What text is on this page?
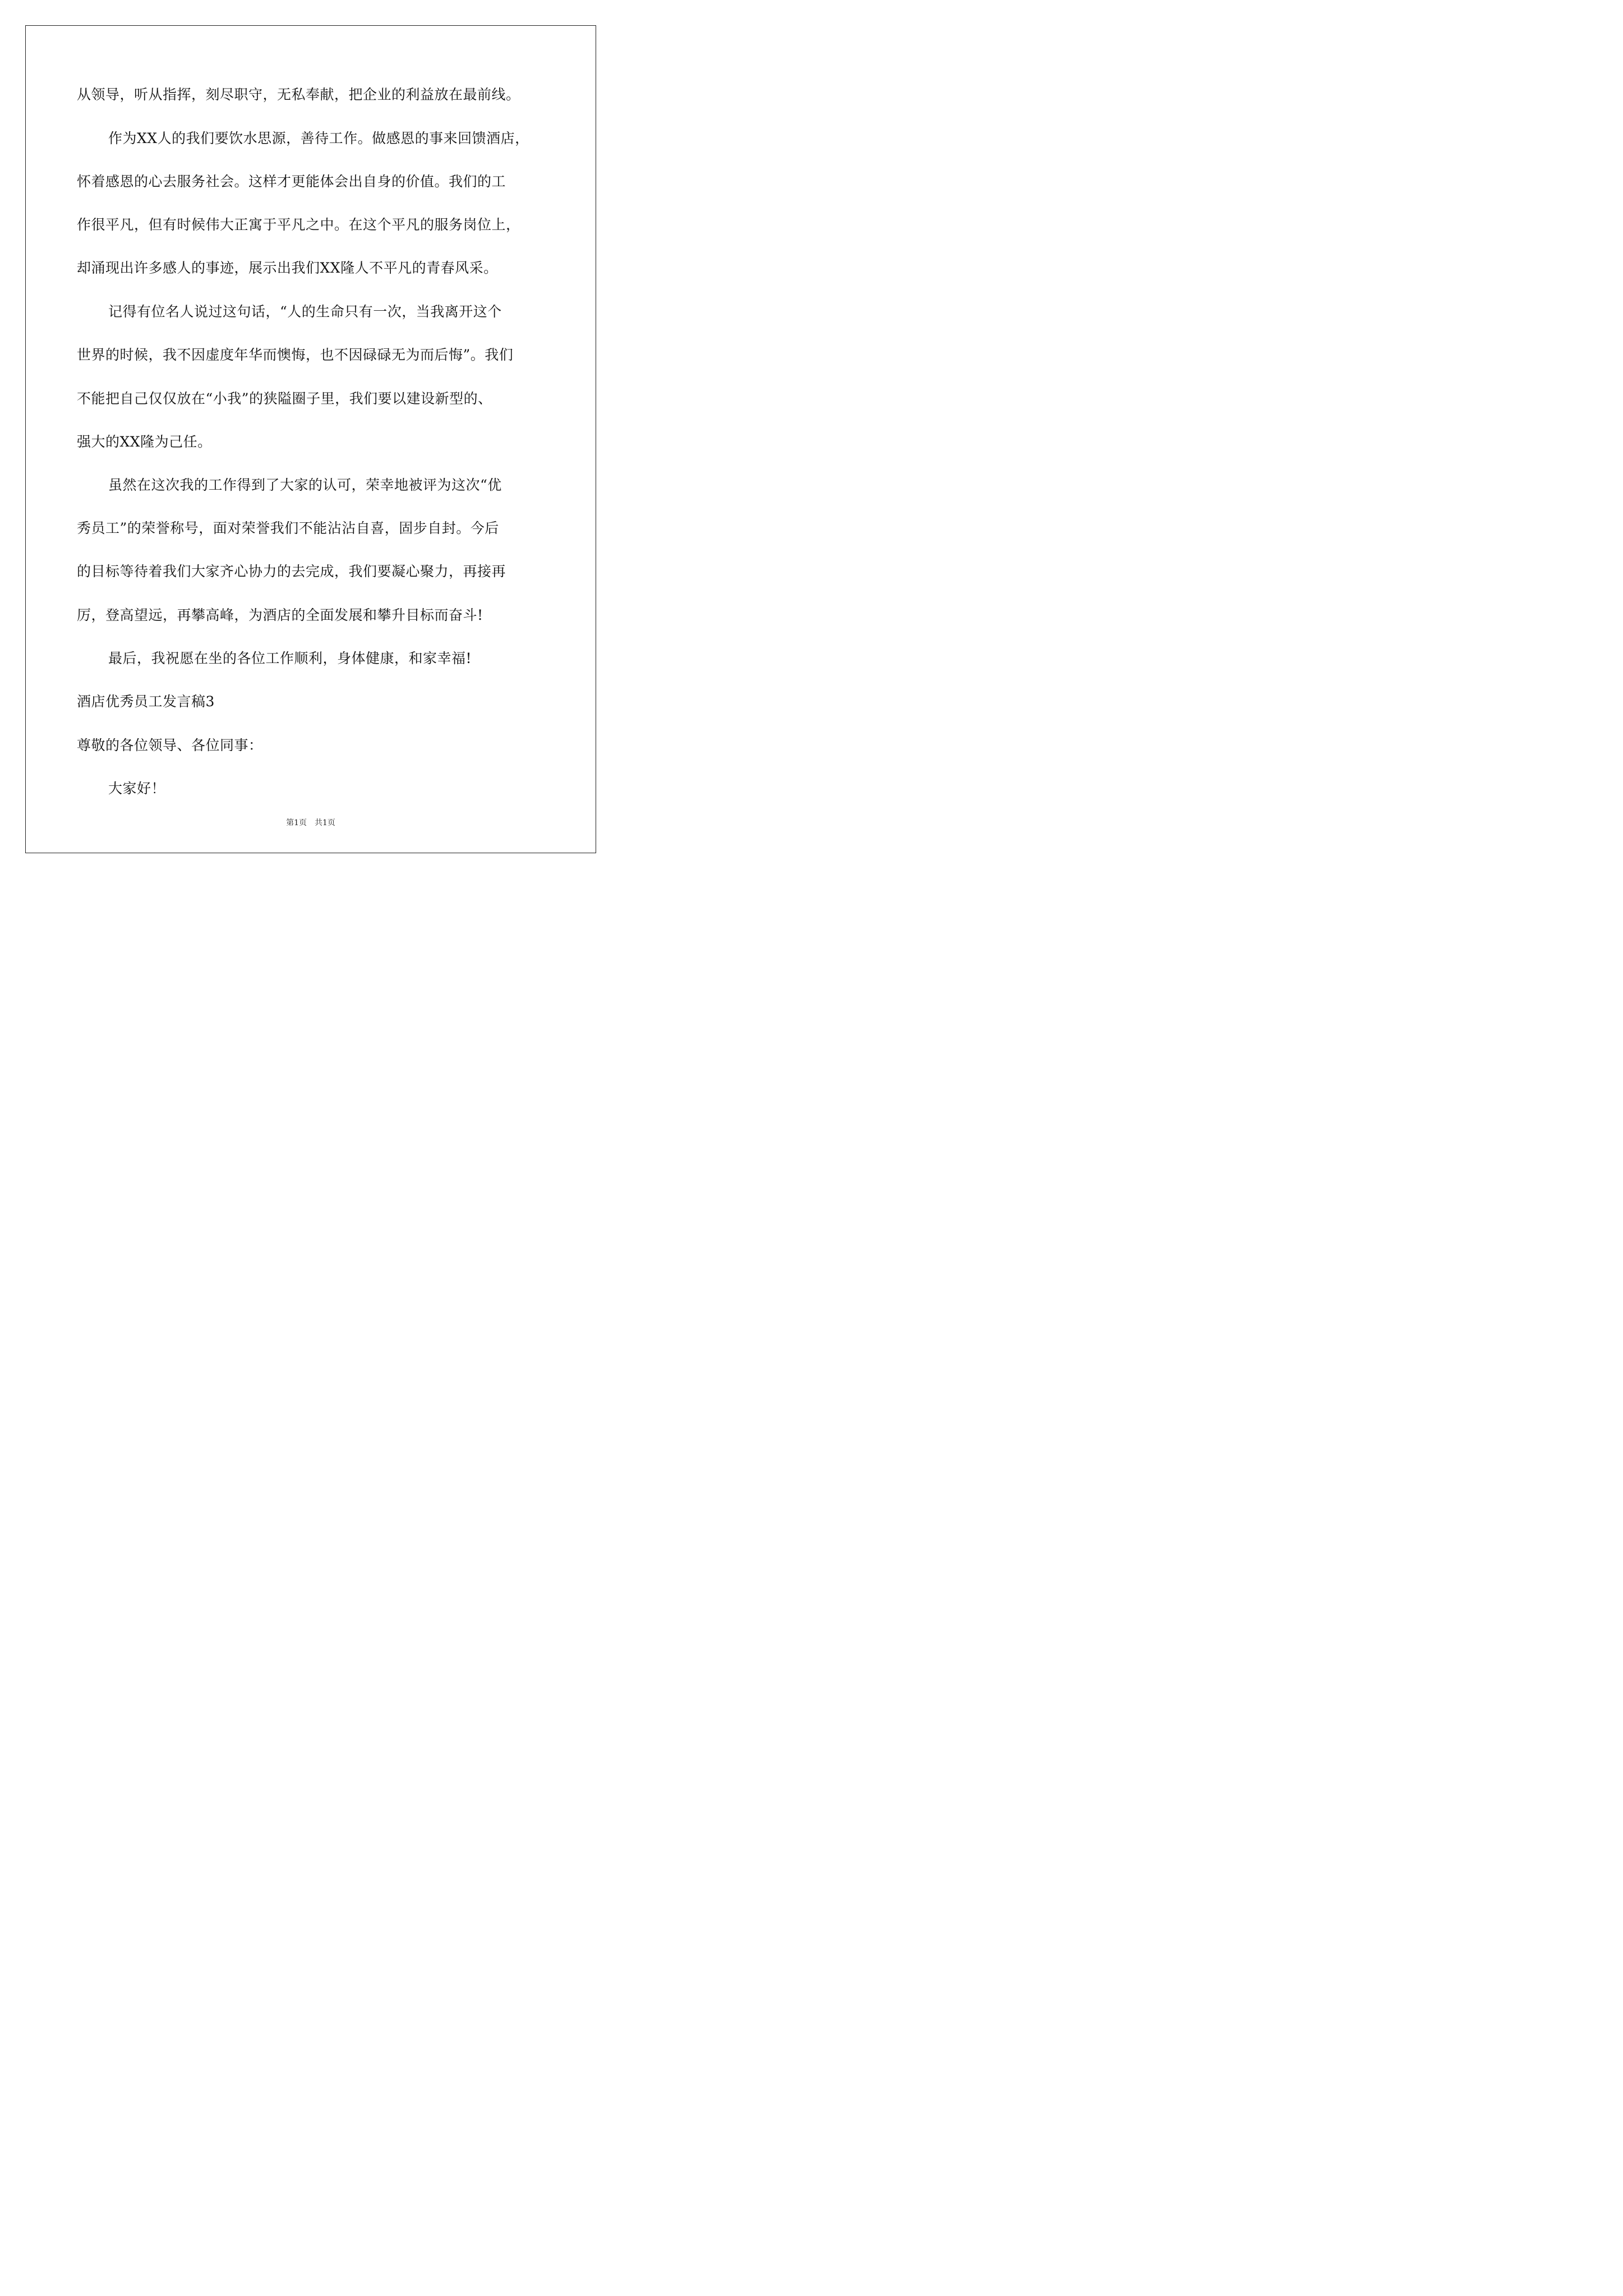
从领导，听从指挥，刻尽职守，无私奉献，把企业的利益放在最前线。
作为XX人的我们要饮水思源，善待工作。做感恩的事来回馈酒店，
怀着感恩的心去服务社会。这样才更能体会出自身的价值。我们的工
作很平凡，但有时候伟大正寓于平凡之中。在这个平凡的服务岗位上，
却涌现出许多感人的事迹，展示出我们XX隆人不平凡的青春风采。
记得有位名人说过这句话，“人的生命只有一次，当我离开这个
世界的时候，我不因虚度年华而懊悔，也不因碌碌无为而后悔”。我们
不能把自己仅仅放在“小我”的狭隘圈子里，我们要以建设新型的、
强大的XX隆为己任。
虽然在这次我的工作得到了大家的认可，荣幸地被评为这次“优
秀员工”的荣誉称号，面对荣誉我们不能沾沾自喜，固步自封。今后
的目标等待着我们大家齐心协力的去完成，我们要凝心聚力，再接再
厉，登高望远，再攀高峰，为酒店的全面发展和攀升目标而奋斗!
最后，我祝愿在坐的各位工作顺利，身体健康，和家幸福!
酒店优秀员工发言稿3
尊敬的各位领导、各位同事：
大家好！
第1页　共1页
